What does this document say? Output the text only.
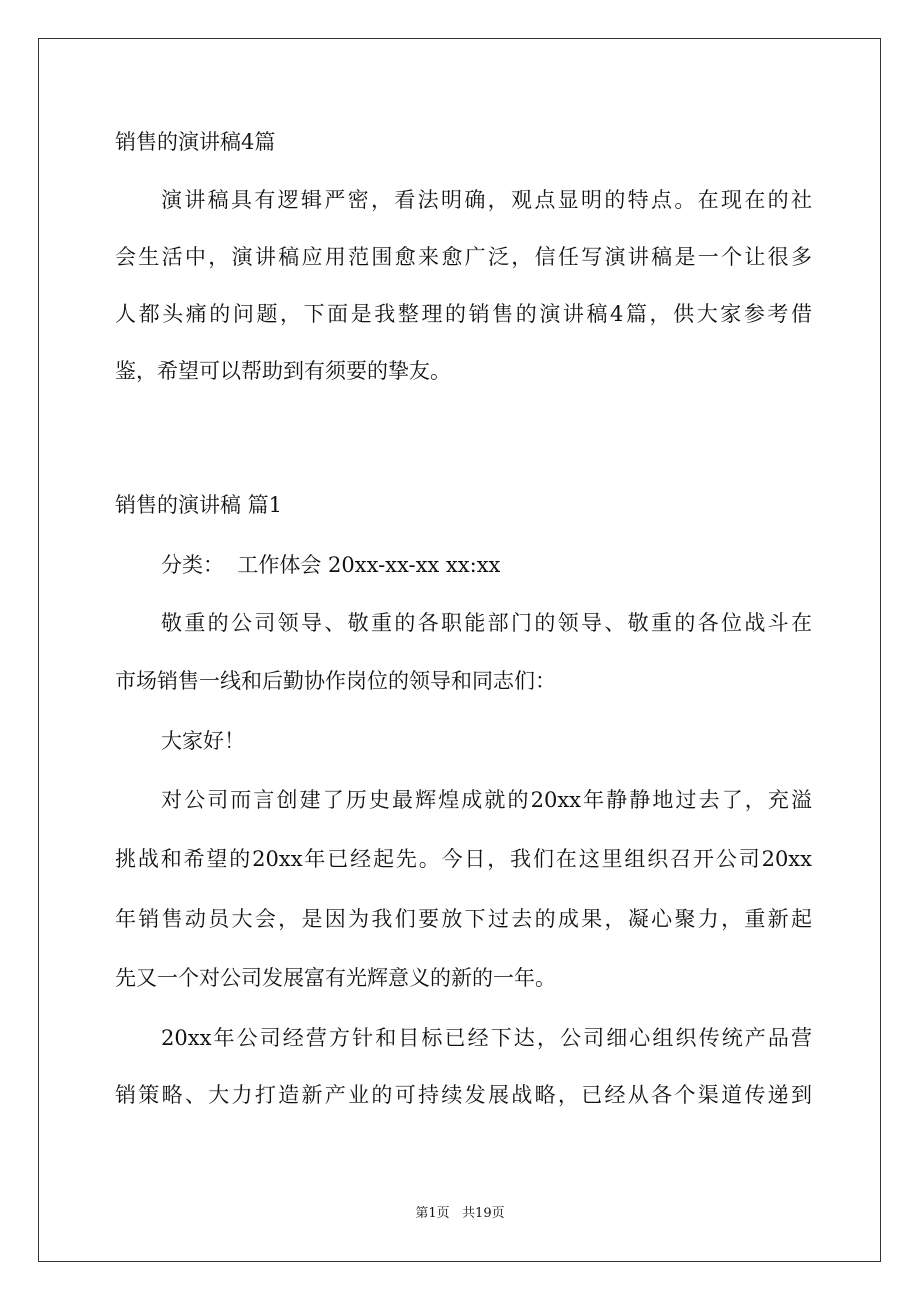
销售的演讲稿4篇
演讲稿具有逻辑严密，看法明确，观点显明的特点。在现在的社
会生活中，演讲稿应用范围愈来愈广泛，信任写演讲稿是一个让很多
人都头痛的问题，下面是我整理的销售的演讲稿4篇，供大家参考借
鉴，希望可以帮助到有须要的挚友。
销售的演讲稿 篇1
分类：  工作体会 20xx-xx-xx xx:xx
敬重的公司领导、敬重的各职能部门的领导、敬重的各位战斗在
市场销售一线和后勤协作岗位的领导和同志们：
大家好！
对公司而言创建了历史最辉煌成就的20xx年静静地过去了，充溢
挑战和希望的20xx年已经起先。今日，我们在这里组织召开公司20xx
年销售动员大会，是因为我们要放下过去的成果，凝心聚力，重新起
先又一个对公司发展富有光辉意义的新的一年。
20xx年公司经营方针和目标已经下达，公司细心组织传统产品营
销策略、大力打造新产业的可持续发展战略，已经从各个渠道传递到
第1页   共19页
